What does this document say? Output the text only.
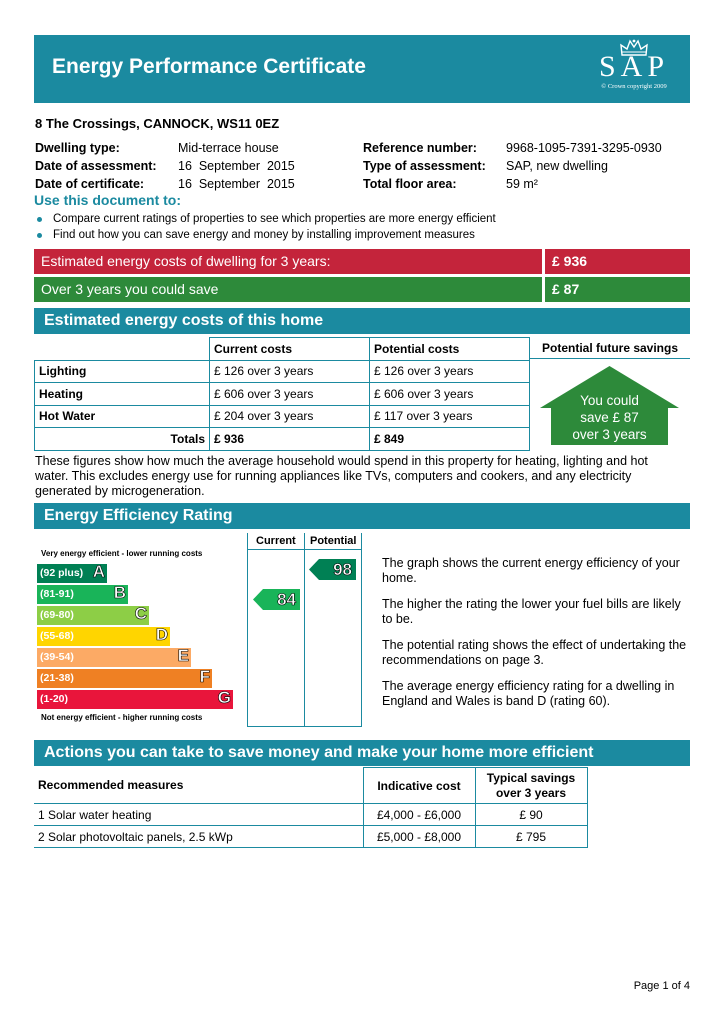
Energy Performance Certificate	SAP
© Crown copyright 2009
8 The Crossings, CANNOCK, WS11 0EZ
Dwelling type:	Mid-terrace house
Date of assessment:	16  September  2015
Date of certificate:	16  September  2015
Reference number:	9968-1095-7391-3295-0930
Type of assessment:	SAP, new dwelling
Total floor area:	59 m²
Use this document to:
Compare current ratings of properties to see which properties are more energy efficient
Find out how you can save energy and money by installing improvement measures
Estimated energy costs of dwelling for 3 years:	£ 936
Over 3 years you could save	£ 87
Estimated energy costs of this home
	Current costs	Potential costs
Lighting	£ 126 over 3 years	£ 126 over 3 years
Heating	£ 606 over 3 years	£ 606 over 3 years
Hot Water	£ 204 over 3 years	£ 117 over 3 years
Totals	£ 936	£ 849
Potential future savings
You could
save £ 87
over 3 years
These figures show how much the average household would spend in this property for heating, lighting and hot water. This excludes energy use for running appliances like TVs, computers and cookers, and any electricity generated by microgeneration.
Energy Efficiency Rating
Very energy efficient - lower running costs
(92 plus) A
(81-91) B
(69-80)	C
(55-68)	D
(39-54)	E
(21-38)	F
(1-20)	G
Not energy efficient - higher running costs
Current Potential
84
98 The graph shows the current energy efficiency of your home.

The higher the rating the lower your fuel bills are likely to be.

The potential rating shows the effect of undertaking the recommendations on page 3.

The average energy efficiency rating for a dwelling in England and Wales is band D (rating 60).

Actions you can take to save money and make your home more efficient
Recommended measures	Indicative cost	Typical savings over 3 years
1 Solar water heating	£4,000 - £6,000	£ 90
2 Solar photovoltaic panels, 2.5 kWp	£5,000 - £8,000	£ 795
Page 1 of 4
